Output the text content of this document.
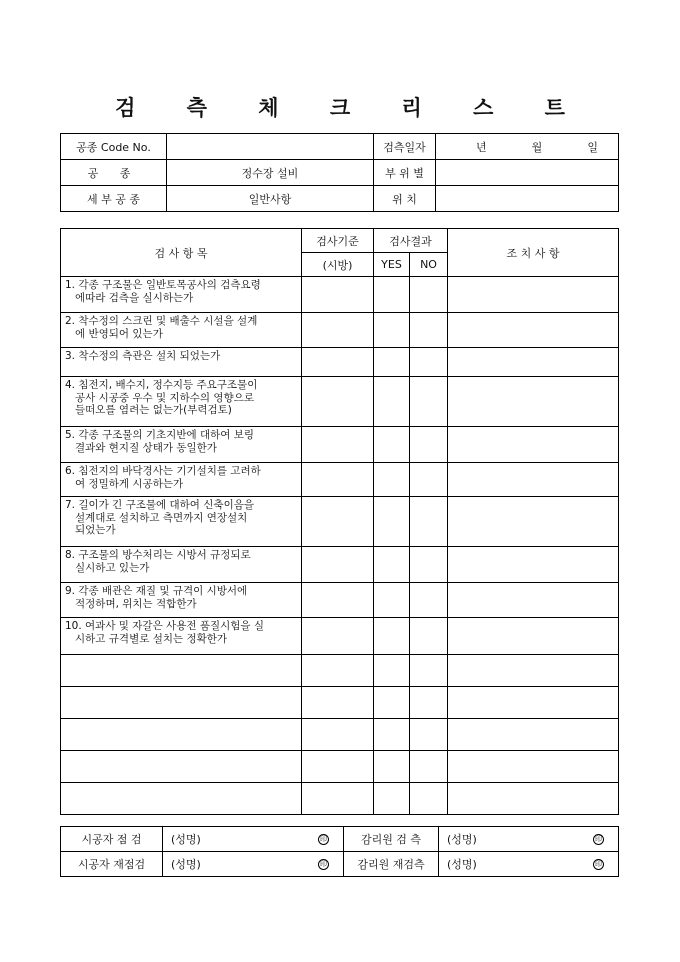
검 측 체 크 리 스 트
공종 Code No.		검측일자	년 월 일

공 종	정수장 설비	부 위 별	
세 부 공 종	일반사항	위 치	
검 사 항 목	검사기준	검사결과		조 치 사 항
	(시방)	YES	NO	

1. 각종 구조물은 일반토목공사의 검측요령
에따라 검측을 실시하는가				

2. 착수정의 스크린 및 배출수 시설을 설계
에 반영되어 있는가				

3. 착수정의 측관은 설치 되었는가				

4. 침전지, 배수지, 정수지등 주요구조물이
공사 시공중 우수 및 지하수의 영향으로
들떠오를 염려는 없는가(부력검토)				

5. 각종 구조물의 기초지반에 대하여 보링
결과와 현지질 상태가 동일한가				

6. 침전지의 바닥경사는 기기설치를 고려하
여 정밀하게 시공하는가				

7. 길이가 긴 구조물에 대하여 신축이음을
설계대로 설치하고 측면까지 연장설치
되었는가				

8. 구조물의 방수처리는 시방서 규정되로
실시하고 있는가				

9. 각종 배관은 재질 및 규격이 시방서에
적정하며, 위치는 적합한가				

10. 여과사 및 자갈은 사용전 품질시험을 실
시하고 규격별로 설치는 정확한가				

시공자 점 검	(성명) 印	감리원 검 측	(성명) 印

시공자 재점검	(성명) 印	감리원 재검측	(성명) 印
